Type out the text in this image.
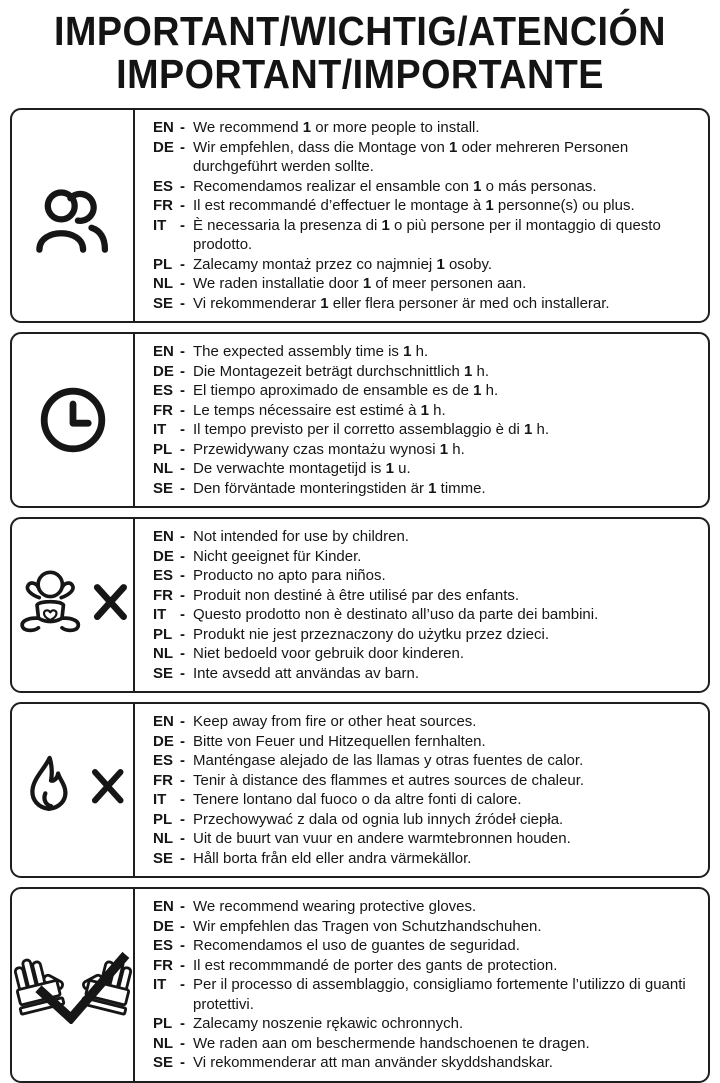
IMPORTANT/WICHTIG/ATENCIÓN
IMPORTANT/IMPORTANTE
EN - We recommend 1 or more people to install.
DE - Wir empfehlen, dass die Montage von 1 oder mehreren Personen durchgeführt werden sollte.
ES - Recomendamos realizar el ensamble con 1 o más personas.
FR - Il est recommandé d’effectuer le montage à 1 personne(s) ou plus.
IT - È necessaria la presenza di 1 o più persone per il montaggio di questo prodotto.
PL - Zalecamy montaż przez co najmniej 1 osoby.
NL - We raden installatie door 1 of meer personen aan.
SE - Vi rekommenderar 1 eller flera personer är med och installerar.
EN - The expected assembly time is 1 h.
DE - Die Montagezeit beträgt durchschnittlich 1 h.
ES - El tiempo aproximado de ensamble es de 1 h.
FR - Le temps nécessaire est estimé à 1 h.
IT - Il tempo previsto per il corretto assemblaggio è di 1 h.
PL - Przewidywany czas montażu wynosi 1 h.
NL - De verwachte montagetijd is 1 u.
SE - Den förväntade monteringstiden är 1 timme.
EN - Not intended for use by children.
DE - Nicht geeignet für Kinder.
ES - Producto no apto para niños.
FR - Produit non destiné à être utilisé par des enfants.
IT - Questo prodotto non è destinato all’uso da parte dei bambini.
PL - Produkt nie jest przeznaczony do użytku przez dzieci.
NL - Niet bedoeld voor gebruik door kinderen.
SE - Inte avsedd att användas av barn.
EN - Keep away from fire or other heat sources.
DE - Bitte von Feuer und Hitzequellen fernhalten.
ES - Manténgase alejado de las llamas y otras fuentes de calor.
FR - Tenir à distance des flammes et autres sources de chaleur.
IT - Tenere lontano dal fuoco o da altre fonti di calore.
PL - Przechowywać z dala od ognia lub innych źródeł ciepła.
NL - Uit de buurt van vuur en andere warmtebronnen houden.
SE - Håll borta från eld eller andra värmekällor.
EN - We recommend wearing protective gloves.
DE - Wir empfehlen das Tragen von Schutzhandschuhen.
ES - Recomendamos el uso de guantes de seguridad.
FR - Il est recommmandé de porter des gants de protection.
IT - Per il processo di assemblaggio, consigliamo fortemente l’utilizzo di guanti protettivi.
PL - Zalecamy noszenie rękawic ochronnych.
NL - We raden aan om beschermende handschoenen te dragen.
SE - Vi rekommenderar att man använder skyddshandskar.
